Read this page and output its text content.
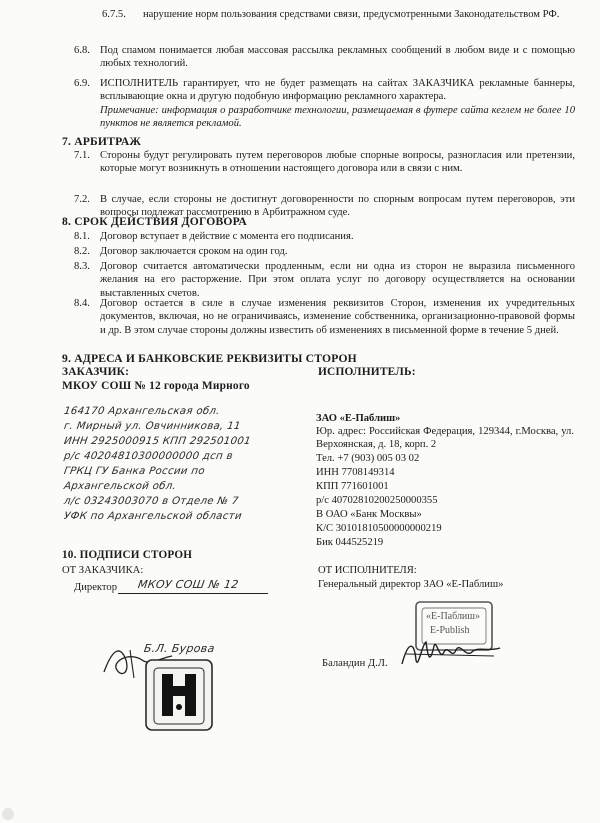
6.7.5. нарушение норм пользования средствами связи, предусмотренными Законодательством РФ.
6.8. Под спамом понимается любая массовая рассылка рекламных сообщений в любом виде и с помощью любых технологий.
6.9. ИСПОЛНИТЕЛЬ гарантирует, что не будет размещать на сайтах ЗАКАЗЧИКА рекламные баннеры, всплывающие окна и другую подобную информацию рекламного характера.
Примечание: информация о разработчике технологии, размещаемая в футере сайта кеглем не более 10 пунктов не является рекламой.
7. АРБИТРАЖ
7.1. Стороны будут регулировать путем переговоров любые спорные вопросы, разногласия или претензии, которые могут возникнуть в отношении настоящего договора или в связи с ним.
7.2. В случае, если стороны не достигнут договоренности по спорным вопросам путем переговоров, эти вопросы подлежат рассмотрению в Арбитражном суде.
8. СРОК ДЕЙСТВИЯ ДОГОВОРА
8.1. Договор вступает в действие с момента его подписания.
8.2. Договор заключается сроком на один год.
8.3. Договор считается автоматически продленным, если ни одна из сторон не выразила письменного желания на его расторжение. При этом оплата услуг по договору осуществляется на основании выставленных счетов.
8.4. Договор остается в силе в случае изменения реквизитов Сторон, изменения их учредительных документов, включая, но не ограничиваясь, изменение собственника, организационно-правовой формы и др. В этом случае стороны должны известить об изменениях в письменной форме в течение 5 дней.
9. АДРЕСА И БАНКОВСКИЕ РЕКВИЗИТЫ СТОРОН
ЗАКАЗЧИК:
МКОУ СОШ № 12 города Мирного
ИСПОЛНИТЕЛЬ:
164170 Архангельская обл.
г. Мирный ул. Овчинникова, 11
ИНН 2925000915 КПП 292501001
р/с 40204810300000000 дсп в
ГРКЦ ГУ Банка России по
Архангельской обл.
л/с 03243003070 в Отделе № 7
УФК по Архангельской области
ЗАО «Е-Паблиш»
Юр. адрес: Российская Федерация, 129344, г.Москва, ул. Верхоянская, д. 18, корп. 2
Тел. +7 (903) 005 03 02
ИНН 7708149314
КПП 771601001
р/с 40702810200250000355
В ОАО «Банк Москвы»
К/С 30101810500000000219
Бик 044525219
10. ПОДПИСИ СТОРОН
ОТ ЗАКАЗЧИКА:
Директор МКОУ СОШ № 12
ОТ ИСПОЛНИТЕЛЯ:
Генеральный директор ЗАО «Е-Паблиш»
Баландин Д.Л.
Б.Л. Бурова
«Е-Паблиш»
E-Publish
